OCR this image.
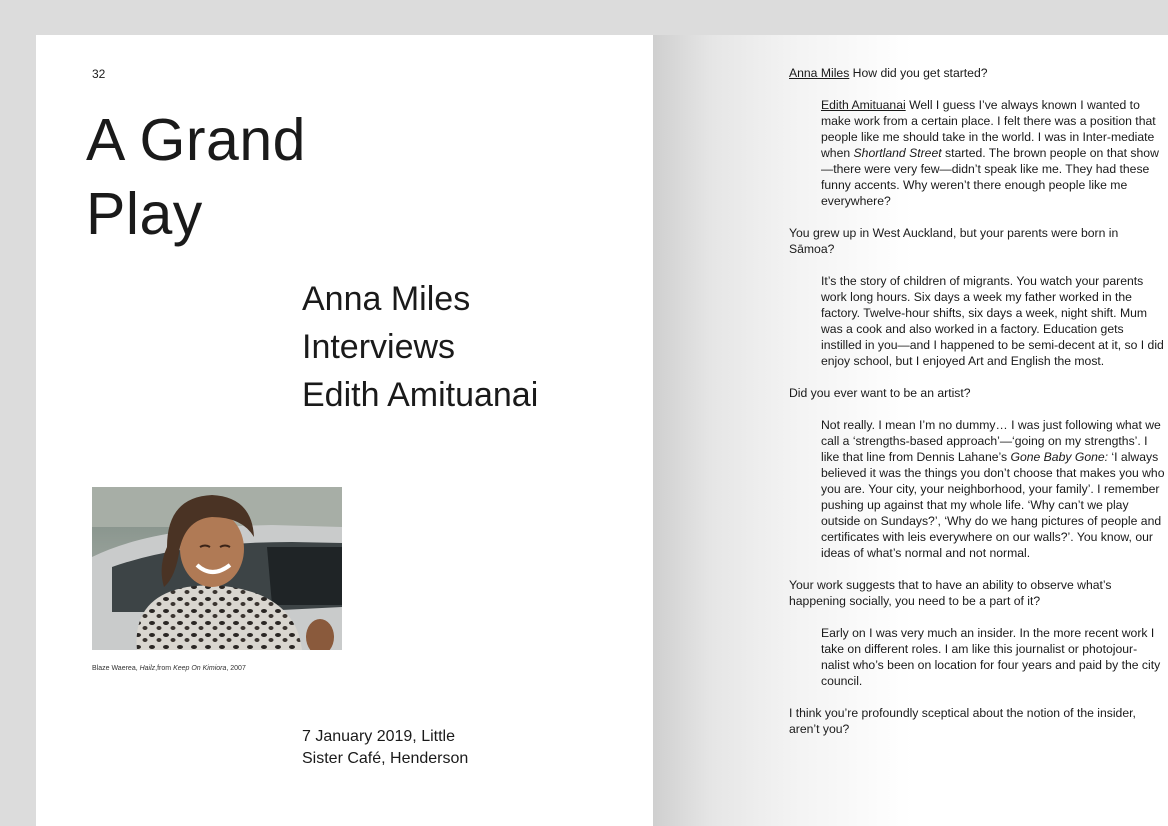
32
A Grand
Play
Anna Miles
Interviews
Edith Amituanai
Blaze Waerea, Hailz,from Keep On Kimiora, 2007
7 January 2019, Little
Sister Café, Henderson

Anna Miles How did you get started?

Edith Amituanai Well I guess I’ve always known I wanted to make work from a certain place. I felt there was a position that people like me should take in the world. I was in Inter-mediate when Shortland Street started. The brown people on that show—there were very few—didn’t speak like me. They had these funny accents. Why weren’t there enough people like me everywhere?

You grew up in West Auckland, but your parents were born in Sāmoa?

It’s the story of children of migrants. You watch your parents work long hours. Six days a week my father worked in the factory. Twelve-hour shifts, six days a week, night shift. Mum was a cook and also worked in a factory. Education gets instilled in you—and I happened to be semi-decent at it, so I did enjoy school, but I enjoyed Art and English the most.

Did you ever want to be an artist?

Not really. I mean I’m no dummy… I was just following what we call a ‘strengths-based approach’—‘going on my strengths’. I like that line from Dennis Lahane’s Gone Baby Gone: ‘I always believed it was the things you don’t choose that makes you who you are. Your city, your neighborhood, your family’. I remember pushing up against that my whole life. ‘Why can’t we play outside on Sundays?’, ‘Why do we hang pictures of people and certificates with leis everywhere on our walls?’. You know, our ideas of what’s normal and not normal.

Your work suggests that to have an ability to observe what’s happening socially, you need to be a part of it?

Early on I was very much an insider. In the more recent work I take on different roles. I am like this journalist or photojour-nalist who’s been on location for four years and paid by the city council.

I think you’re profoundly sceptical about the notion of the insider, aren’t you?
